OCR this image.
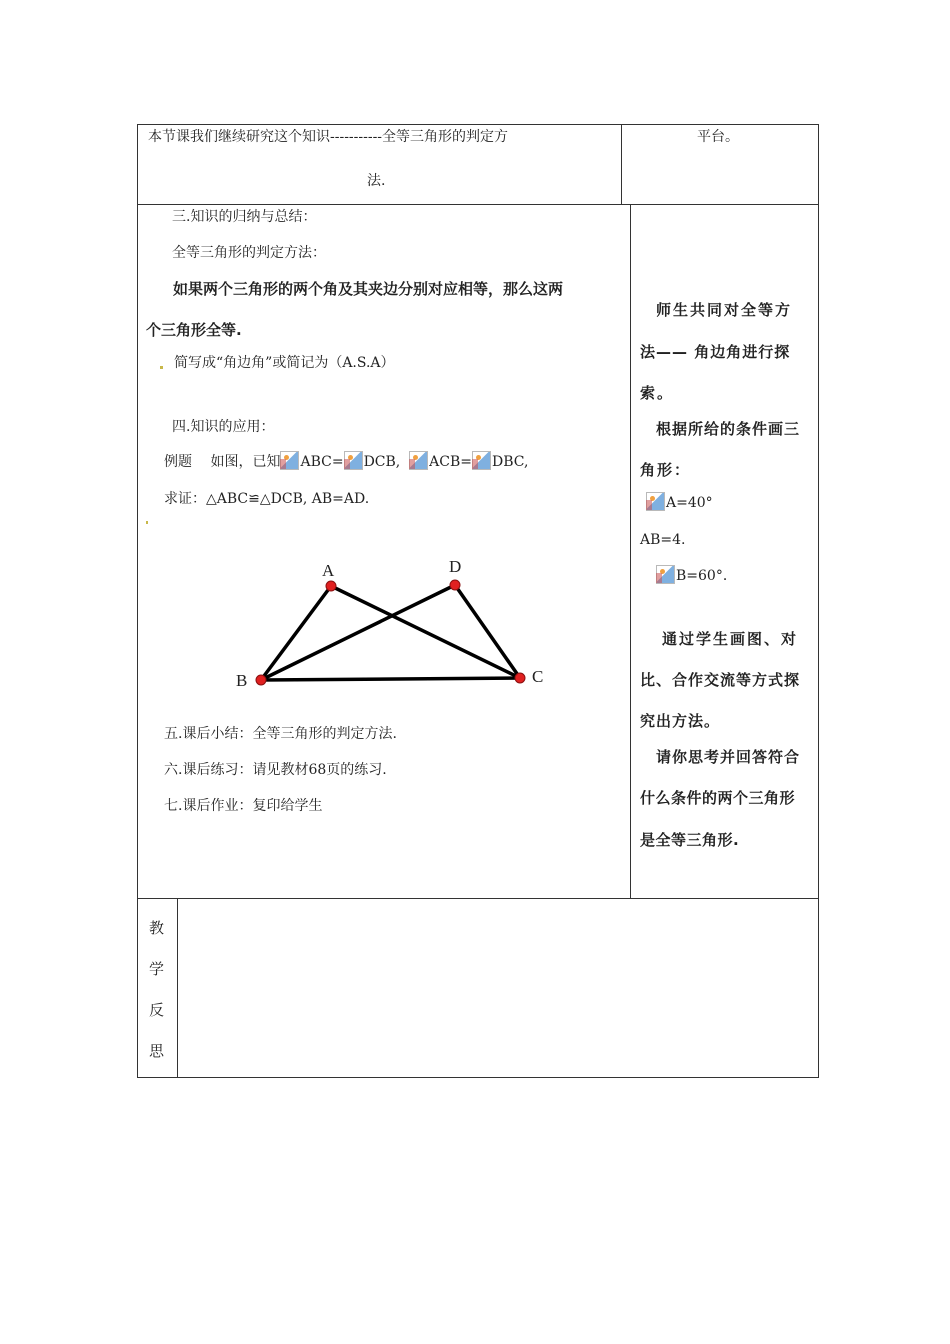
本节课我们继续研究这个知识-----------全等三角形的判定方
法.
平台。
三.知识的归纳与总结：
全等三角形的判定方法：
如果两个三角形的两个角及其夹边分别对应相等，那么这两
个三角形全等.
简写成“角边角”或简记为（A.S.A）
四.知识的应用：
例题　 如图，已知 ABC= DCB, ACB= DBC,
求证：△ABC≌△DCB, AB=AD.
A	D
B	C
五.课后小结：全等三角形的判定方法.
六.课后练习：请见教材68页的练习.
七.课后作业：复印给学生
师生共同对全等方
法—— 角边角进行探
索。
根据所给的条件画三
角形：
A=40°
AB=4.
B=60°．
通过学生画图、对
比、合作交流等方式探
究出方法。
请你思考并回答符合
什么条件的两个三角形
是全等三角形.
教
学
反
思
